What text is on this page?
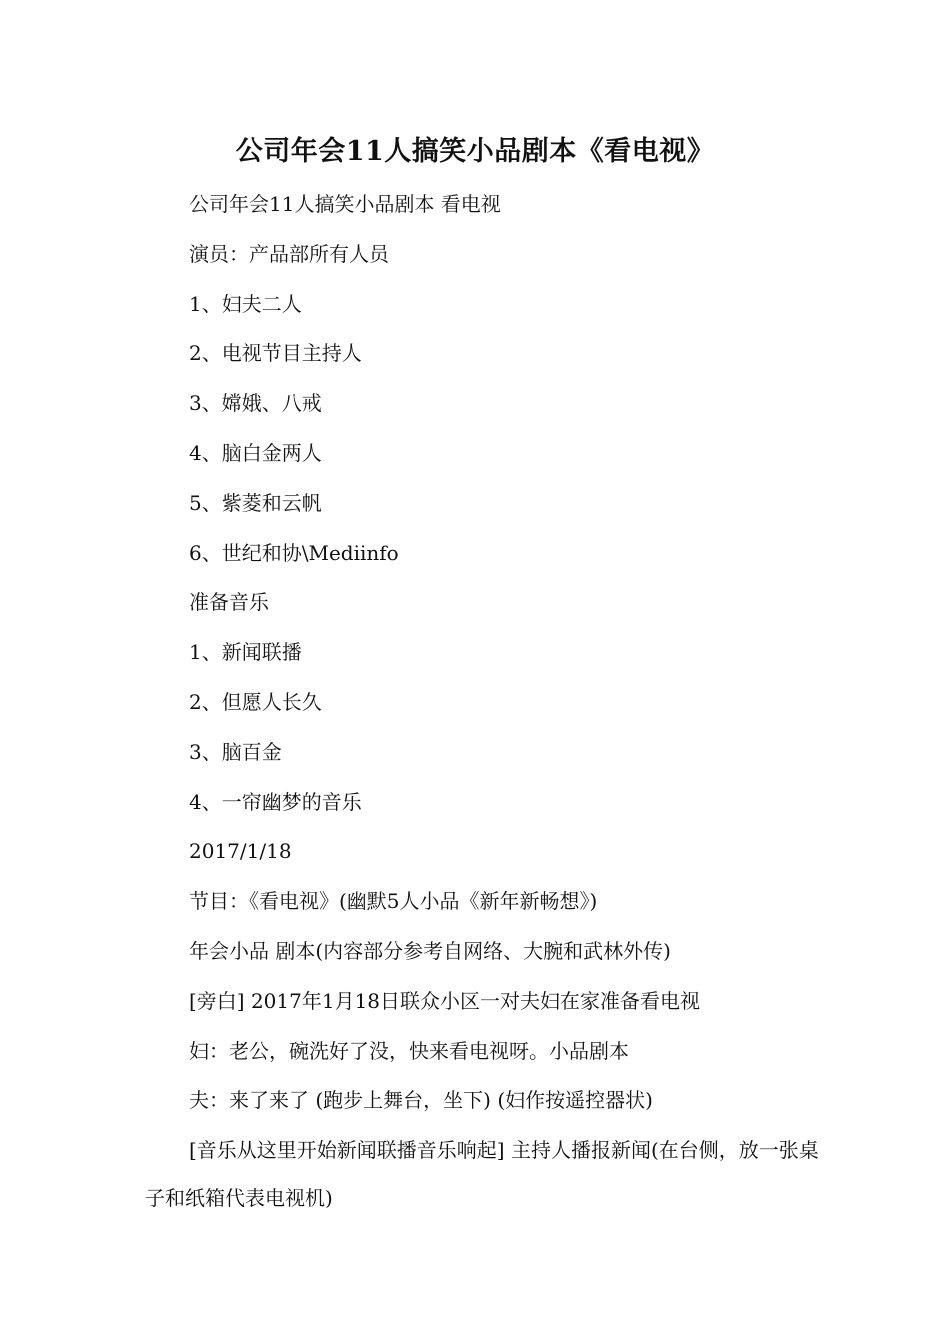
公司年会11人搞笑小品剧本《看电视》

公司年会11人搞笑小品剧本 看电视

演员：产品部所有人员

1、妇夫二人

2、电视节目主持人

3、嫦娥、八戒

4、脑白金两人

5、紫菱和云帆

6、世纪和协\Mediinfo

准备音乐

1、新闻联播

2、但愿人长久

3、脑百金

4、一帘幽梦的音乐

2017/1/18

节目：《看电视》(幽默5人小品《新年新畅想》)

年会小品 剧本(内容部分参考自网络、大腕和武林外传)

[旁白] 2017年1月18日联众小区一对夫妇在家准备看电视

妇：老公，碗洗好了没，快来看电视呀。小品剧本

夫：来了来了 (跑步上舞台，坐下) (妇作按遥控器状)

[音乐从这里开始新闻联播音乐响起] 主持人播报新闻(在台侧，放一张桌子和纸箱代表电视机)
